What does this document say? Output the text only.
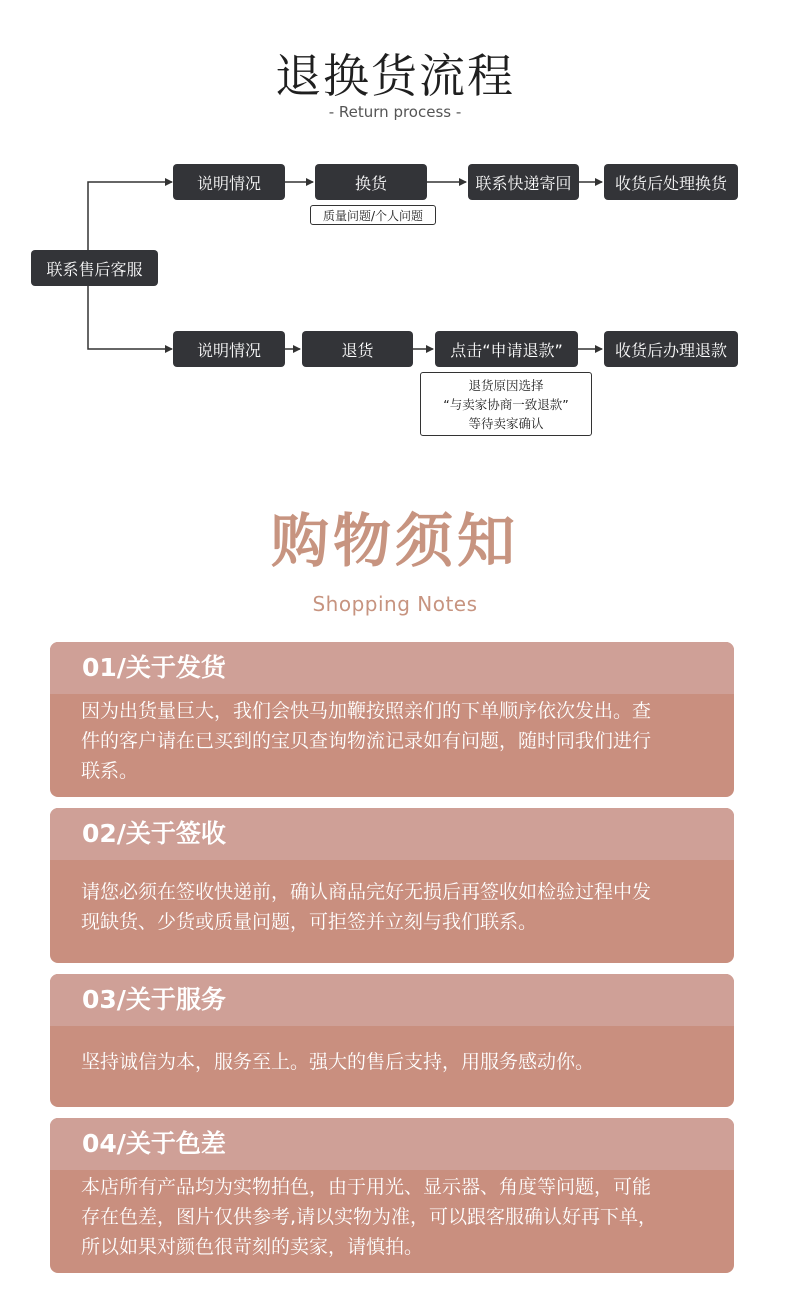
退换货流程
- Return process -
联系售后客服
说明情况	换货	联系快递寄回	收货后处理换货
质量问题/个人问题
说明情况	退货	点击“申请退款”	收货后办理退款
退货原因选择
“与卖家协商一致退款”
等待卖家确认
购物须知
Shopping Notes
01/关于发货
因为出货量巨大，我们会快马加鞭按照亲们的下单顺序依次发出。查
件的客户请在已买到的宝贝查询物流记录如有问题，随时同我们进行
联系。
02/关于签收
请您必须在签收快递前，确认商品完好无损后再签收如检验过程中发
现缺货、少货或质量问题，可拒签并立刻与我们联系。
03/关于服务
坚持诚信为本，服务至上。强大的售后支持，用服务感动你。
04/关于色差
本店所有产品均为实物拍色，由于用光、显示器、角度等问题，可能
存在色差，图片仅供参考,请以实物为准，可以跟客服确认好再下单，
所以如果对颜色很苛刻的卖家，请慎拍。
